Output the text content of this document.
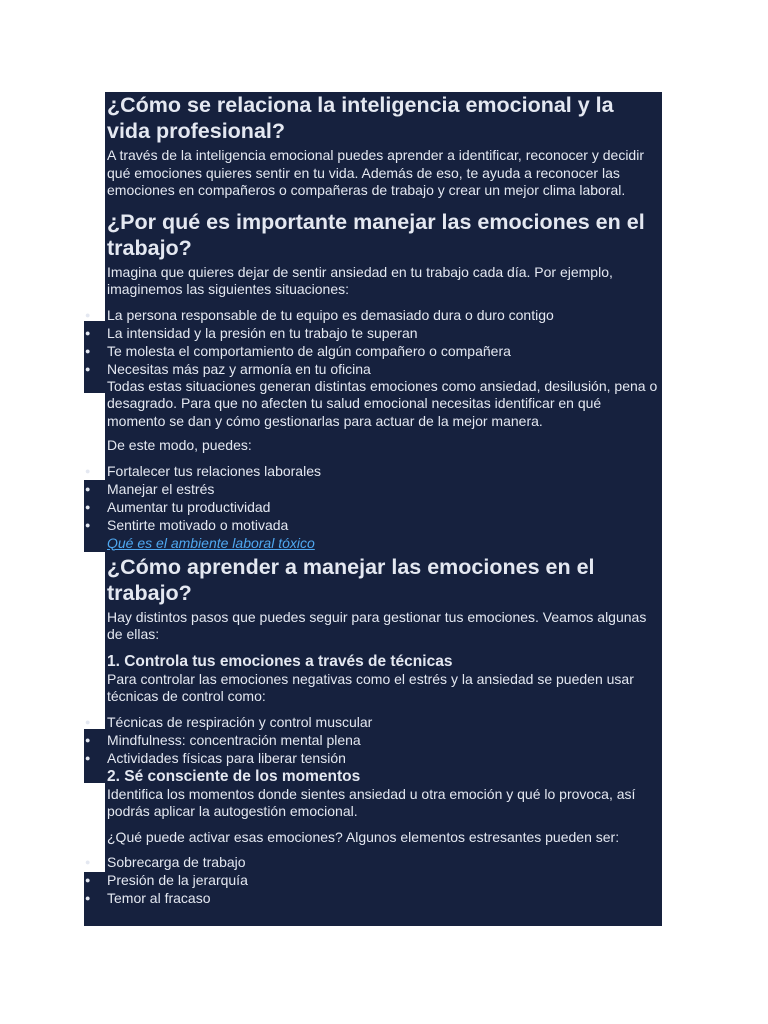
¿Cómo se relaciona la inteligencia emocional y la vida profesional?

A través de la inteligencia emocional puedes aprender a identificar, reconocer y decidir qué emociones quieres sentir en tu vida. Además de eso, te ayuda a reconocer las emociones en compañeros o compañeras de trabajo y crear un mejor clima laboral.

¿Por qué es importante manejar las emociones en el trabajo?

Imagina que quieres dejar de sentir ansiedad en tu trabajo cada día. Por ejemplo, imaginemos las siguientes situaciones:

● La persona responsable de tu equipo es demasiado dura o duro contigo
● La intensidad y la presión en tu trabajo te superan
● Te molesta el comportamiento de algún compañero o compañera
● Necesitas más paz y armonía en tu oficina

Todas estas situaciones generan distintas emociones como ansiedad, desilusión, pena o desagrado. Para que no afecten tu salud emocional necesitas identificar en qué momento se dan y cómo gestionarlas para actuar de la mejor manera.

De este modo, puedes:

● Fortalecer tus relaciones laborales
● Manejar el estrés
● Aumentar tu productividad
● Sentirte motivado o motivada
Qué es el ambiente laboral tóxico
¿Cómo aprender a manejar las emociones en el trabajo?

Hay distintos pasos que puedes seguir para gestionar tus emociones. Veamos algunas de ellas:

1. Controla tus emociones a través de técnicas

Para controlar las emociones negativas como el estrés y la ansiedad se pueden usar técnicas de control como:

● Técnicas de respiración y control muscular
● Mindfulness: concentración mental plena
● Actividades físicas para liberar tensión
2. Sé consciente de los momentos

Identifica los momentos donde sientes ansiedad u otra emoción y qué lo provoca, así podrás aplicar la autogestión emocional.

¿Qué puede activar esas emociones? Algunos elementos estresantes pueden ser:

● Sobrecarga de trabajo
● Presión de la jerarquía
● Temor al fracaso
